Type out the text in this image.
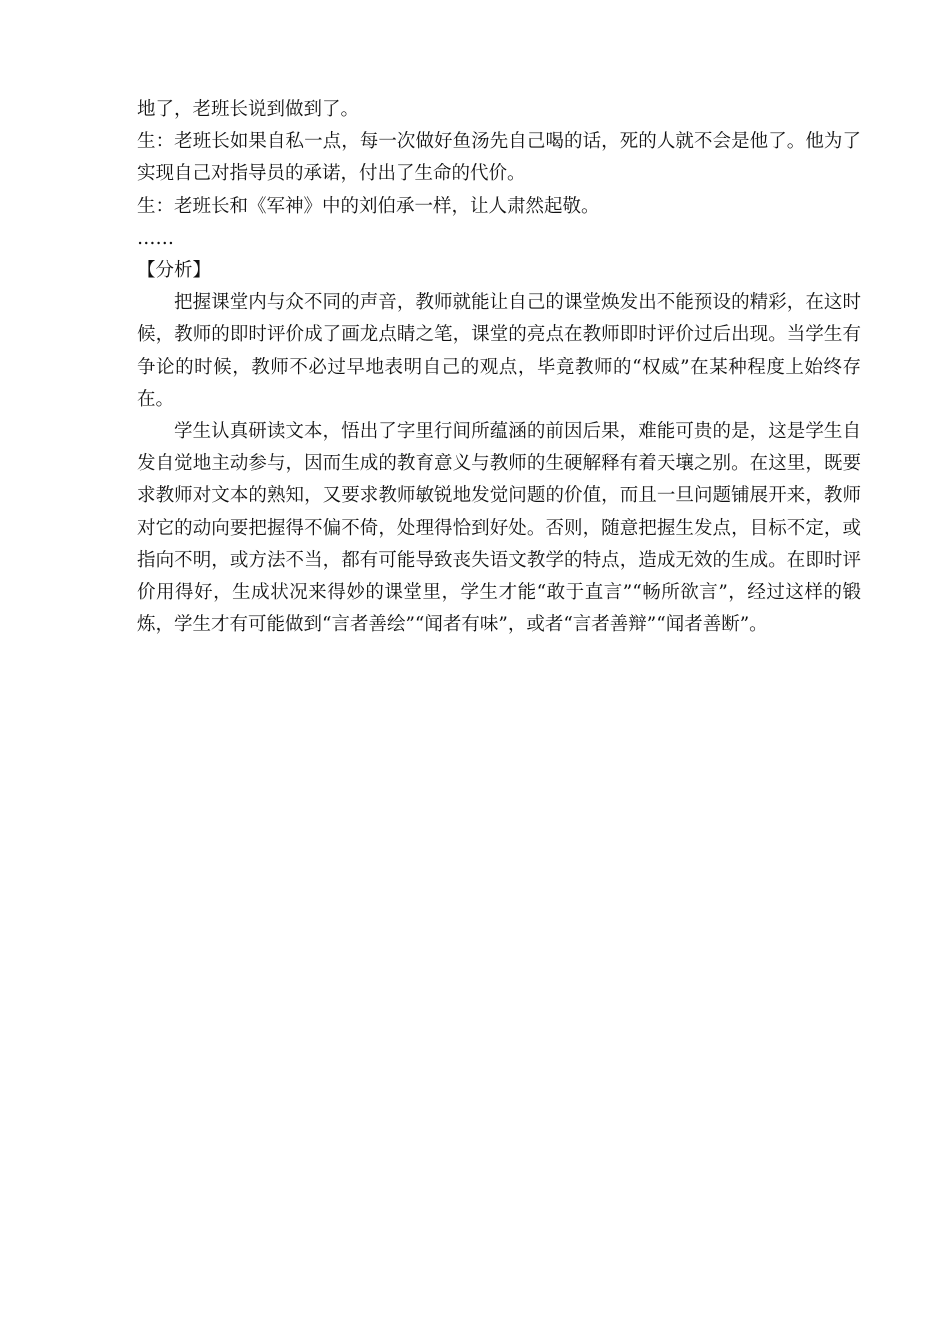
地了，老班长说到做到了。

生：老班长如果自私一点，每一次做好鱼汤先自己喝的话，死的人就不会是他了。他为了实现自己对指导员的承诺，付出了生命的代价。

生：老班长和《军神》中的刘伯承一样，让人肃然起敬。

……

【分析】

把握课堂内与众不同的声音，教师就能让自己的课堂焕发出不能预设的精彩，在这时候，教师的即时评价成了画龙点睛之笔，课堂的亮点在教师即时评价过后出现。当学生有争论的时候，教师不必过早地表明自己的观点，毕竟教师的“权威”在某种程度上始终存在。

学生认真研读文本，悟出了字里行间所蕴涵的前因后果，难能可贵的是，这是学生自发自觉地主动参与，因而生成的教育意义与教师的生硬解释有着天壤之别。在这里，既要求教师对文本的熟知，又要求教师敏锐地发觉问题的价值，而且一旦问题铺展开来，教师对它的动向要把握得不偏不倚，处理得恰到好处。否则，随意把握生发点，目标不定，或指向不明，或方法不当，都有可能导致丧失语文教学的特点，造成无效的生成。在即时评价用得好，生成状况来得妙的课堂里，学生才能“敢于直言”“畅所欲言”，经过这样的锻炼，学生才有可能做到“言者善绘”“闻者有味”，或者“言者善辩”“闻者善断”。
